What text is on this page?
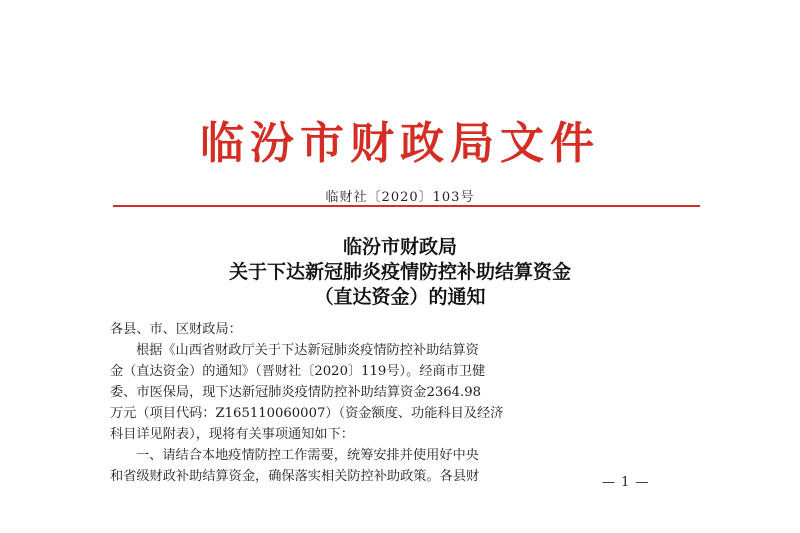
临汾市财政局文件
临财社〔2020〕103号
临汾市财政局
关于下达新冠肺炎疫情防控补助结算资金
（直达资金）的通知
各县、市、区财政局：
根据《山西省财政厅关于下达新冠肺炎疫情防控补助结算资
金（直达资金）的通知》（晋财社〔2020〕119号）。经商市卫健
委、市医保局，现下达新冠肺炎疫情防控补助结算资金2364.98
万元（项目代码：Z165110060007）（资金额度、功能科目及经济
科目详见附表），现将有关事项通知如下：
一、请结合本地疫情防控工作需要，统筹安排并使用好中央
和省级财政补助结算资金，确保落实相关防控补助政策。各县财	— 1 —
